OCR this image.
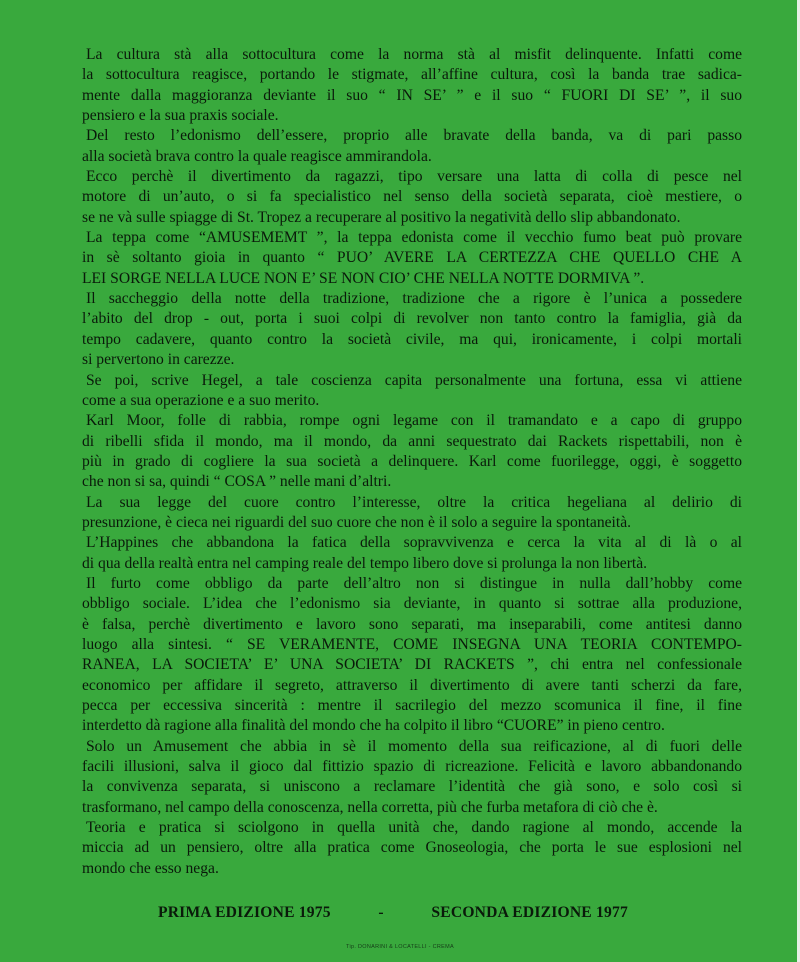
La cultura stà alla sottocultura come la norma stà al misfit delinquente. Infatti come
la sottocultura reagisce, portando le stigmate, all’affine cultura, così la banda trae sadica-
mente dalla maggioranza deviante il suo “ IN SE’ ” e il suo “ FUORI DI SE’ ”, il suo
pensiero e la sua praxis sociale.
Del resto l’edonismo dell’essere, proprio alle bravate della banda, va di pari passo
alla società brava contro la quale reagisce ammirandola.
Ecco perchè il divertimento da ragazzi, tipo versare una latta di colla di pesce nel
motore di un’auto, o si fa specialistico nel senso della società separata, cioè mestiere, o
se ne và sulle spiagge di St. Tropez a recuperare al positivo la negatività dello slip abbandonato.
La teppa come “AMUSEMEMT ”, la teppa edonista come il vecchio fumo beat può provare
in sè soltanto gioia in quanto “ PUO’ AVERE LA CERTEZZA CHE QUELLO CHE A
LEI SORGE NELLA LUCE NON E’ SE NON CIO’ CHE NELLA NOTTE DORMIVA ”.
Il saccheggio della notte della tradizione, tradizione che a rigore è l’unica a possedere
l’abito del drop - out, porta i suoi colpi di revolver non tanto contro la famiglia, già da
tempo cadavere, quanto contro la società civile, ma qui, ironicamente, i colpi mortali
si pervertono in carezze.
Se poi, scrive Hegel, a tale coscienza capita personalmente una fortuna, essa vi attiene
come a sua operazione e a suo merito.
Karl Moor, folle di rabbia, rompe ogni legame con il tramandato e a capo di gruppo
di ribelli sfida il mondo, ma il mondo, da anni sequestrato dai Rackets rispettabili, non è
più in grado di cogliere la sua società a delinquere. Karl come fuorilegge, oggi, è soggetto
che non si sa, quindi “ COSA ” nelle mani d’altri.
La sua legge del cuore contro l’interesse, oltre la critica hegeliana al delirio di
presunzione, è cieca nei riguardi del suo cuore che non è il solo a seguire la spontaneità.
L’Happines che abbandona la fatica della sopravvivenza e cerca la vita al di là o al
di qua della realtà entra nel camping reale del tempo libero dove si prolunga la non libertà.
Il furto come obbligo da parte dell’altro non si distingue in nulla dall’hobby come
obbligo sociale. L’idea che l’edonismo sia deviante, in quanto si sottrae alla produzione,
è falsa, perchè divertimento e lavoro sono separati, ma inseparabili, come antitesi danno
luogo alla sintesi. “ SE VERAMENTE, COME INSEGNA UNA TEORIA CONTEMPO-
RANEA, LA SOCIETA’ E’ UNA SOCIETA’ DI RACKETS ”, chi entra nel confessionale
economico per affidare il segreto, attraverso il divertimento di avere tanti scherzi da fare,
pecca per eccessiva sincerità : mentre il sacrilegio del mezzo scomunica il fine, il fine
interdetto dà ragione alla finalità del mondo che ha colpito il libro “CUORE” in pieno centro.
Solo un Amusement che abbia in sè il momento della sua reificazione, al di fuori delle
facili illusioni, salva il gioco dal fittizio spazio di ricreazione. Felicità e lavoro abbandonando
la convivenza separata, si uniscono a reclamare l’identità che già sono, e solo così si
trasformano, nel campo della conoscenza, nella corretta, più che furba metafora di ciò che è.
Teoria e pratica si sciolgono in quella unità che, dando ragione al mondo, accende la
miccia ad un pensiero, oltre alla pratica come Gnoseologia, che porta le sue esplosioni nel
mondo che esso nega.
PRIMA EDIZIONE 1975	-	SECONDA EDIZIONE 1977
Tip. DONARINI & LOCATELLI - CREMA
